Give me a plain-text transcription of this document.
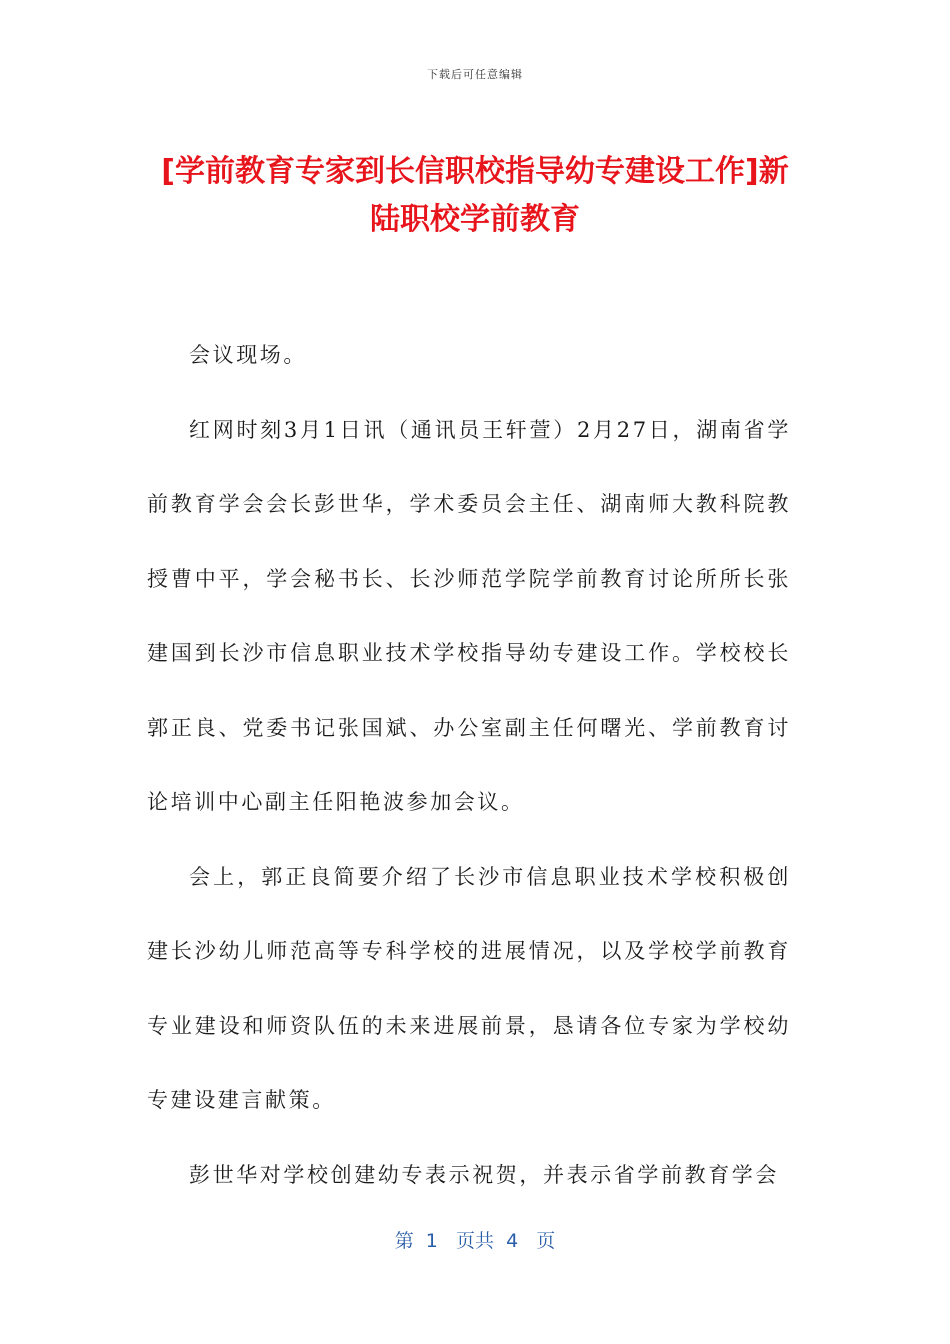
下载后可任意编辑
[学前教育专家到长信职校指导幼专建设工作]新陆职校学前教育

会议现场。

红网时刻3月1日讯（通讯员王轩萱）2月27日，湖南省学前教育学会会长彭世华，学术委员会主任、湖南师大教科院教授曹中平，学会秘书长、长沙师范学院学前教育讨论所所长张建国到长沙市信息职业技术学校指导幼专建设工作。学校校长郭正良、党委书记张国斌、办公室副主任何曙光、学前教育讨论培训中心副主任阳艳波参加会议。

会上，郭正良简要介绍了长沙市信息职业技术学校积极创建长沙幼儿师范高等专科学校的进展情况，以及学校学前教育专业建设和师资队伍的未来进展前景，恳请各位专家为学校幼专建设建言献策。

彭世华对学校创建幼专表示祝贺，并表示省学前教育学会

第  1   页共  4   页
